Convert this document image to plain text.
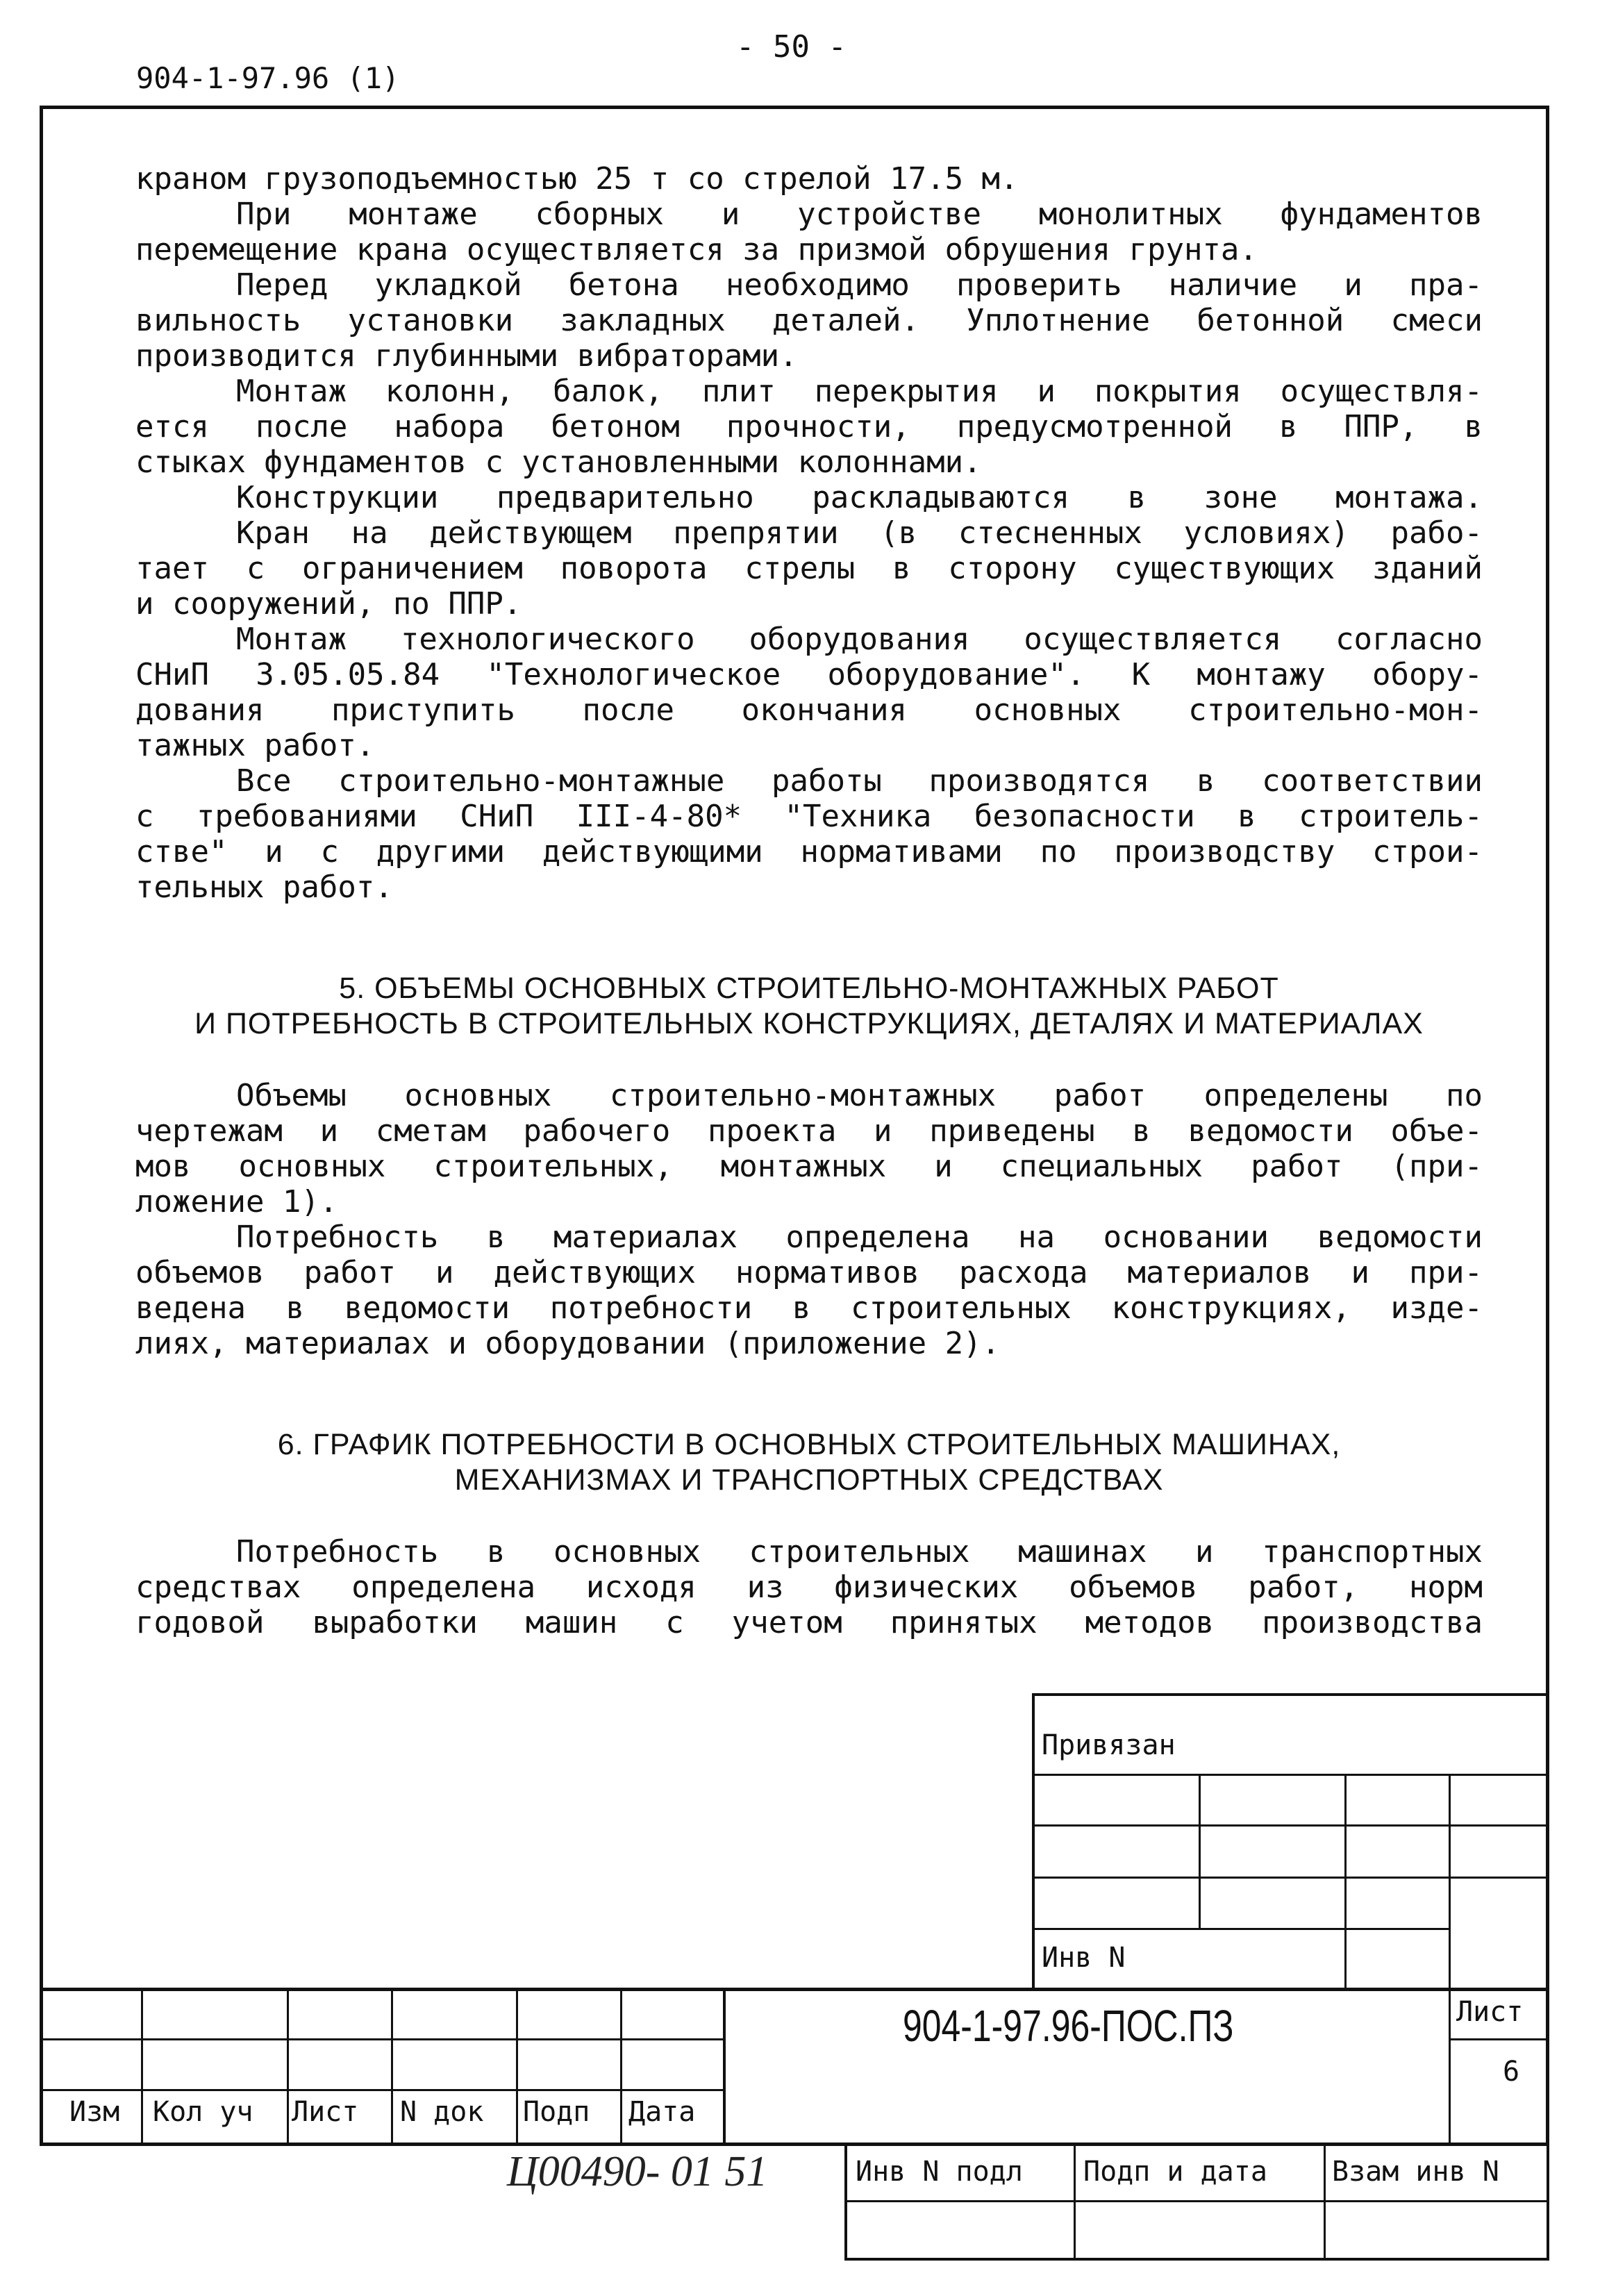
- 50 -
904-1-97.96 (1)
краном грузоподъемностью 25 т со стрелой 17.5 м.
При монтаже сборных и устройстве монолитных фундаментов
перемещение крана осуществляется за призмой обрушения грунта.
Перед укладкой бетона необходимо проверить наличие и пра-
вильность установки закладных деталей. Уплотнение бетонной смеси
производится глубинными вибраторами.
Монтаж колонн, балок, плит перекрытия и покрытия осуществля-
ется после набора бетоном прочности, предусмотренной в ППР, в
стыках фундаментов с установленными колоннами.
Конструкции предварительно раскладываются в зоне монтажа.
Кран на действующем препрятии (в стесненных условиях) рабо-
тает с ограничением поворота стрелы в сторону существующих зданий
и сооружений, по ППР.
Монтаж технологического оборудования осуществляется согласно
СНиП 3.05.05.84 "Технологическое оборудование". К монтажу обору-
дования приступить после окончания основных строительно-мон-
тажных работ.
Все строительно-монтажные работы производятся в соответствии
с требованиями СНиП III-4-80* "Техника безопасности в строитель-
стве" и с другими действующими нормативами по производству строи-
тельных работ.
5. ОБЪЕМЫ ОСНОВНЫХ СТРОИТЕЛЬНО-МОНТАЖНЫХ РАБОТ
И ПОТРЕБНОСТЬ В СТРОИТЕЛЬНЫХ КОНСТРУКЦИЯХ, ДЕТАЛЯХ И МАТЕРИАЛАХ
Объемы основных строительно-монтажных работ определены по
чертежам и сметам рабочего проекта и приведены в ведомости объе-
мов основных строительных, монтажных и специальных работ (при-
ложение 1).
Потребность в материалах определена на основании ведомости
объемов работ и действующих нормативов расхода материалов и при-
ведена в ведомости потребности в строительных конструкциях, изде-
лиях, материалах и оборудовании (приложение 2).
6. ГРАФИК ПОТРЕБНОСТИ В ОСНОВНЫХ СТРОИТЕЛЬНЫХ МАШИНАХ,
МЕХАНИЗМАХ И ТРАНСПОРТНЫХ СРЕДСТВАХ
Потребность в основных строительных машинах и транспортных
средствах определена исходя из физических объемов работ, норм
годовой выработки машин с учетом принятых методов производства
Привязан
Инв N
Изм Кол уч Лист N док Подп Дата
904-1-97.96-ПОС.ПЗ	Лист
6
Ц00490- 01 51	Инв N подл Подп и дата Взам инв N
